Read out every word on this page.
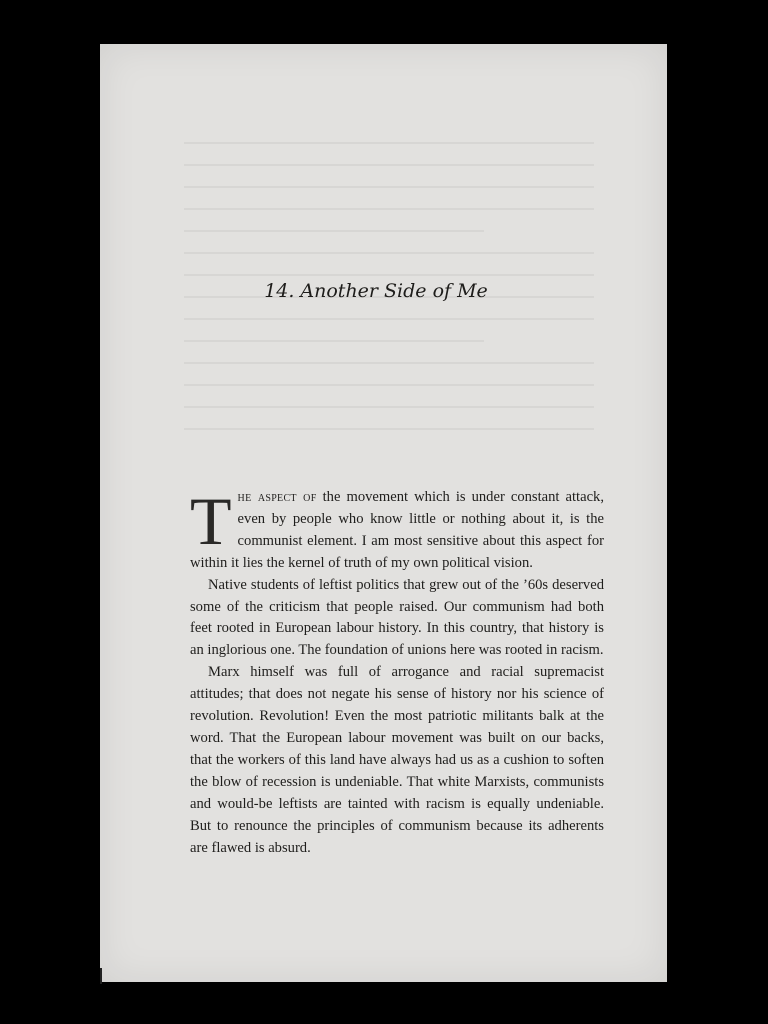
14. Another Side of Me

The aspect of the movement which is under constant attack, even by people who know little or nothing about it, is the communist element. I am most sensitive about this aspect for within it lies the kernel of truth of my own political vision.

Native students of leftist politics that grew out of the ’60s deserved some of the criticism that people raised. Our communism had both feet rooted in European labour history. In this country, that history is an inglorious one. The foundation of unions here was rooted in racism.

Marx himself was full of arrogance and racial supremacist attitudes; that does not negate his sense of history nor his science of revolution. Revolution! Even the most patriotic militants balk at the word. That the European labour movement was built on our backs, that the workers of this land have always had us as a cushion to soften the blow of recession is undeniable. That white Marxists, communists and would-be leftists are tainted with racism is equally undeniable. But to renounce the principles of communism because its adherents are flawed is absurd.
